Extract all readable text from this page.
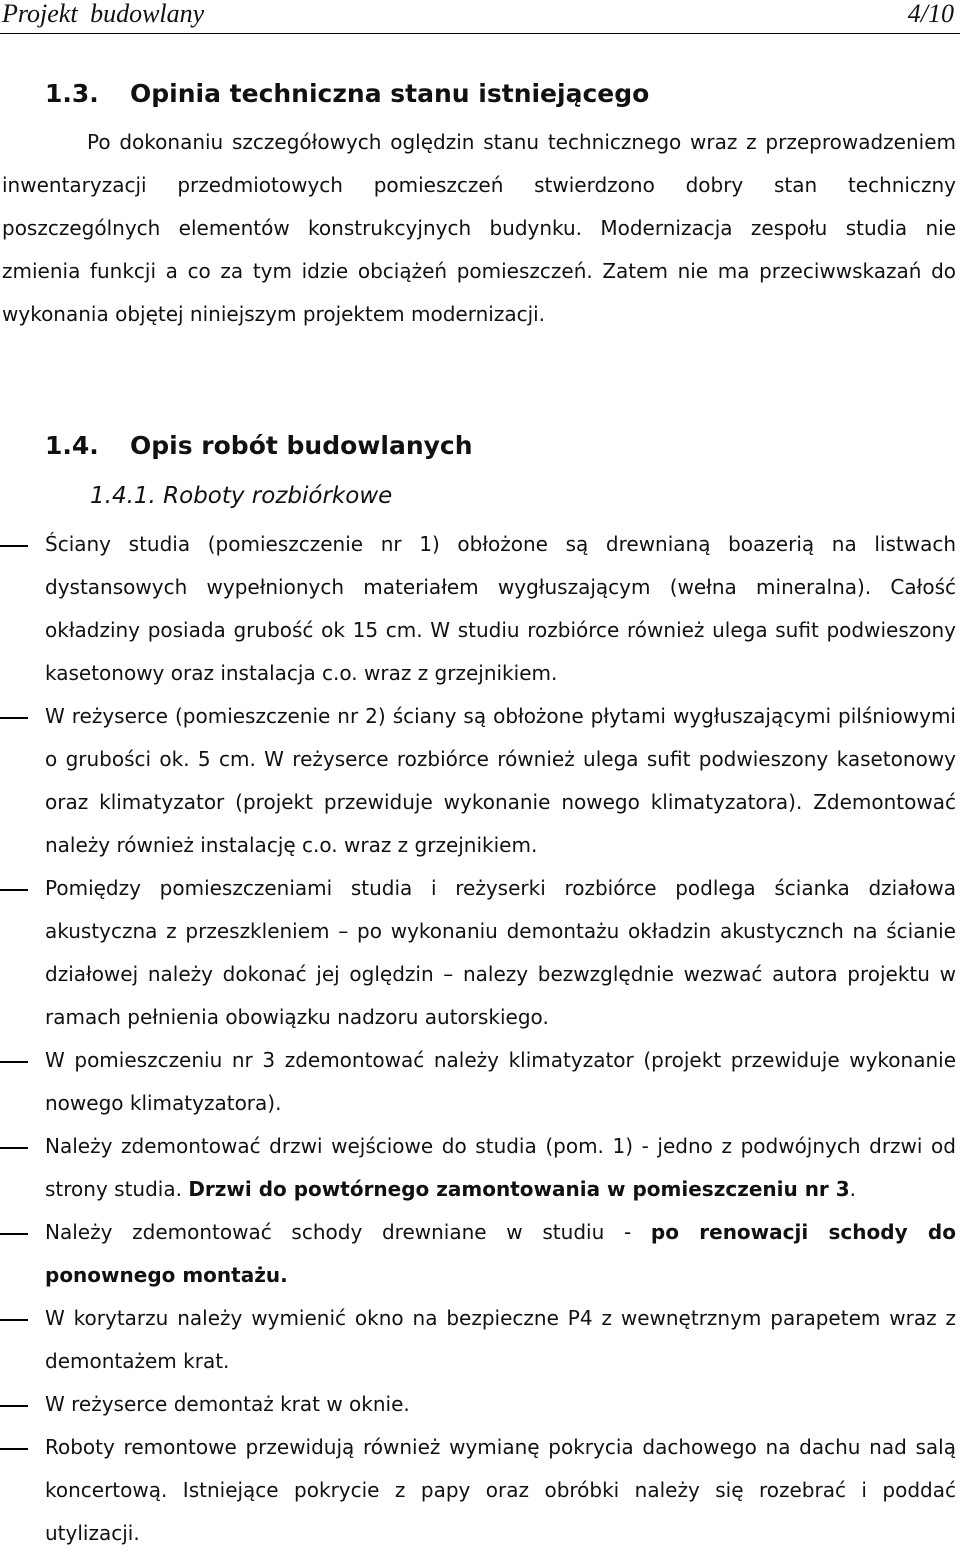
Projekt budowlany	4/10
1.3. Opinia techniczna stanu istniejącego

Po dokonaniu szczegółowych oględzin stanu technicznego wraz z przeprowadzeniem inwentaryzacji przedmiotowych pomieszczeń stwierdzono dobry stan techniczny poszczególnych elementów konstrukcyjnych budynku. Modernizacja zespołu studia nie zmienia funkcji a co za tym idzie obciążeń pomieszczeń. Zatem nie ma przeciwwskazań do wykonania objętej niniejszym projektem modernizacji.

1.4. Opis robót budowlanych
1.4.1. Roboty rozbiórkowe
Ściany studia (pomieszczenie nr 1) obłożone są drewnianą boazerią na listwach dystansowych wypełnionych materiałem wygłuszającym (wełna mineralna). Całość okładziny posiada grubość ok 15 cm. W studiu rozbiórce również ulega sufit podwieszony kasetonowy oraz instalacja c.o. wraz z grzejnikiem.
W reżyserce (pomieszczenie nr 2) ściany są obłożone płytami wygłuszającymi pilśniowymi o grubości ok. 5 cm. W reżyserce rozbiórce również ulega sufit podwieszony kasetonowy oraz klimatyzator (projekt przewiduje wykonanie nowego klimatyzatora). Zdemontować należy również instalację c.o. wraz z grzejnikiem.
Pomiędzy pomieszczeniami studia i reżyserki rozbiórce podlega ścianka działowa akustyczna z przeszkleniem – po wykonaniu demontażu okładzin akustycznch na ścianie działowej należy dokonać jej oględzin – nalezy bezwzględnie wezwać autora projektu w ramach pełnienia obowiązku nadzoru autorskiego.
W pomieszczeniu nr 3 zdemontować należy klimatyzator (projekt przewiduje wykonanie nowego klimatyzatora).
Należy zdemontować drzwi wejściowe do studia (pom. 1) - jedno z podwójnych drzwi od strony studia. Drzwi do powtórnego zamontowania w pomieszczeniu nr 3.
Należy zdemontować schody drewniane w studiu - po renowacji schody do ponownego montażu.
W korytarzu należy wymienić okno na bezpieczne P4 z wewnętrznym parapetem wraz z demontażem krat.
W reżyserce demontaż krat w oknie.
Roboty remontowe przewidują również wymianę pokrycia dachowego na dachu nad salą koncertową. Istniejące pokrycie z papy oraz obróbki należy się rozebrać i poddać utylizacji.
